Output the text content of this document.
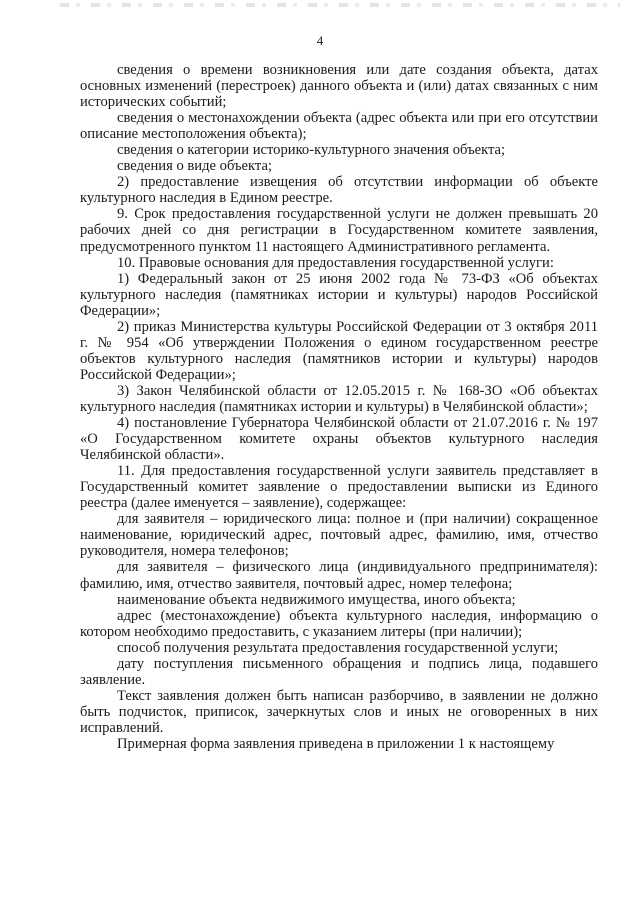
4

сведения о времени возникновения или дате создания объекта, датах основных изменений (перестроек) данного объекта и (или) датах связанных с ним исторических событий;

сведения о местонахождении объекта (адрес объекта или при его отсутствии описание местоположения объекта);

сведения о категории историко-культурного значения объекта;

сведения о виде объекта;

2) предоставление извещения об отсутствии информации об объекте культурного наследия в Едином реестре.

9. Срок предоставления государственной услуги не должен превышать 20 рабочих дней со дня регистрации в Государственном комитете заявления, предусмотренного пунктом 11 настоящего Административного регламента.

10. Правовые основания для предоставления государственной услуги:

1) Федеральный закон от 25 июня 2002 года № 73-ФЗ «Об объектах культурного наследия (памятниках истории и культуры) народов Российской Федерации»;

2) приказ Министерства культуры Российской Федерации от 3 октября 2011 г. № 954 «Об утверждении Положения о едином государственном реестре объектов культурного наследия (памятников истории и культуры) народов Российской Федерации»;

3) Закон Челябинской области от 12.05.2015 г. № 168-ЗО «Об объектах культурного наследия (памятниках истории и культуры) в Челябинской области»;

4) постановление Губернатора Челябинской области от 21.07.2016 г. № 197 «О Государственном комитете охраны объектов культурного наследия Челябинской области».

11. Для предоставления государственной услуги заявитель представляет в Государственный комитет заявление о предоставлении выписки из Единого реестра (далее именуется – заявление), содержащее:

для заявителя – юридического лица: полное и (при наличии) сокращенное наименование, юридический адрес, почтовый адрес, фамилию, имя, отчество руководителя, номера телефонов;

для заявителя – физического лица (индивидуального предпринимателя): фамилию, имя, отчество заявителя, почтовый адрес, номер телефона;

наименование объекта недвижимого имущества, иного объекта;

адрес (местонахождение) объекта культурного наследия, информацию о котором необходимо предоставить, с указанием литеры (при наличии);

способ получения результата предоставления государственной услуги;

дату поступления письменного обращения и подпись лица, подавшего заявление.

Текст заявления должен быть написан разборчиво, в заявлении не должно быть подчисток, приписок, зачеркнутых слов и иных не оговоренных в них исправлений.

Примерная форма заявления приведена в приложении 1 к настоящему
